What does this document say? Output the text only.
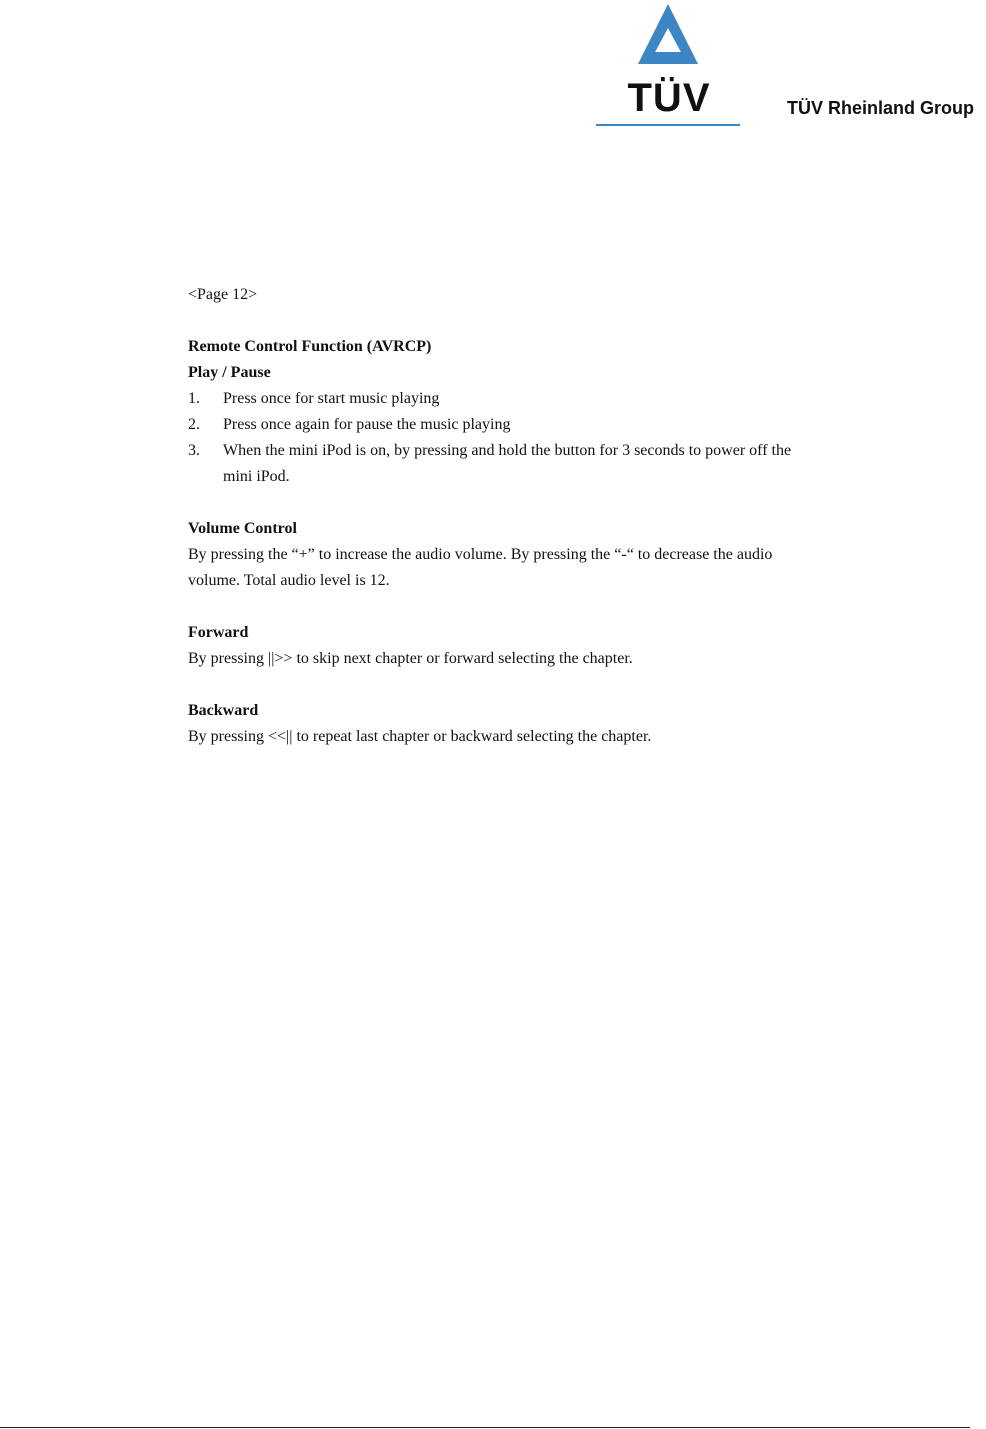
TÜV	TÜV Rheinland Group

<Page 12>

Remote Control Function (AVRCP)

Play / Pause

1.	Press once for start music playing
2.	Press once again for pause the music playing
3.	When the mini iPod is on, by pressing and hold the button for 3 seconds to power off the mini iPod.

Volume Control

By pressing the “+” to increase the audio volume. By pressing the “-“ to decrease the audio volume. Total audio level is 12.

Forward

By pressing ||>> to skip next chapter or forward selecting the chapter.

Backward

By pressing <<|| to repeat last chapter or backward selecting the chapter.
